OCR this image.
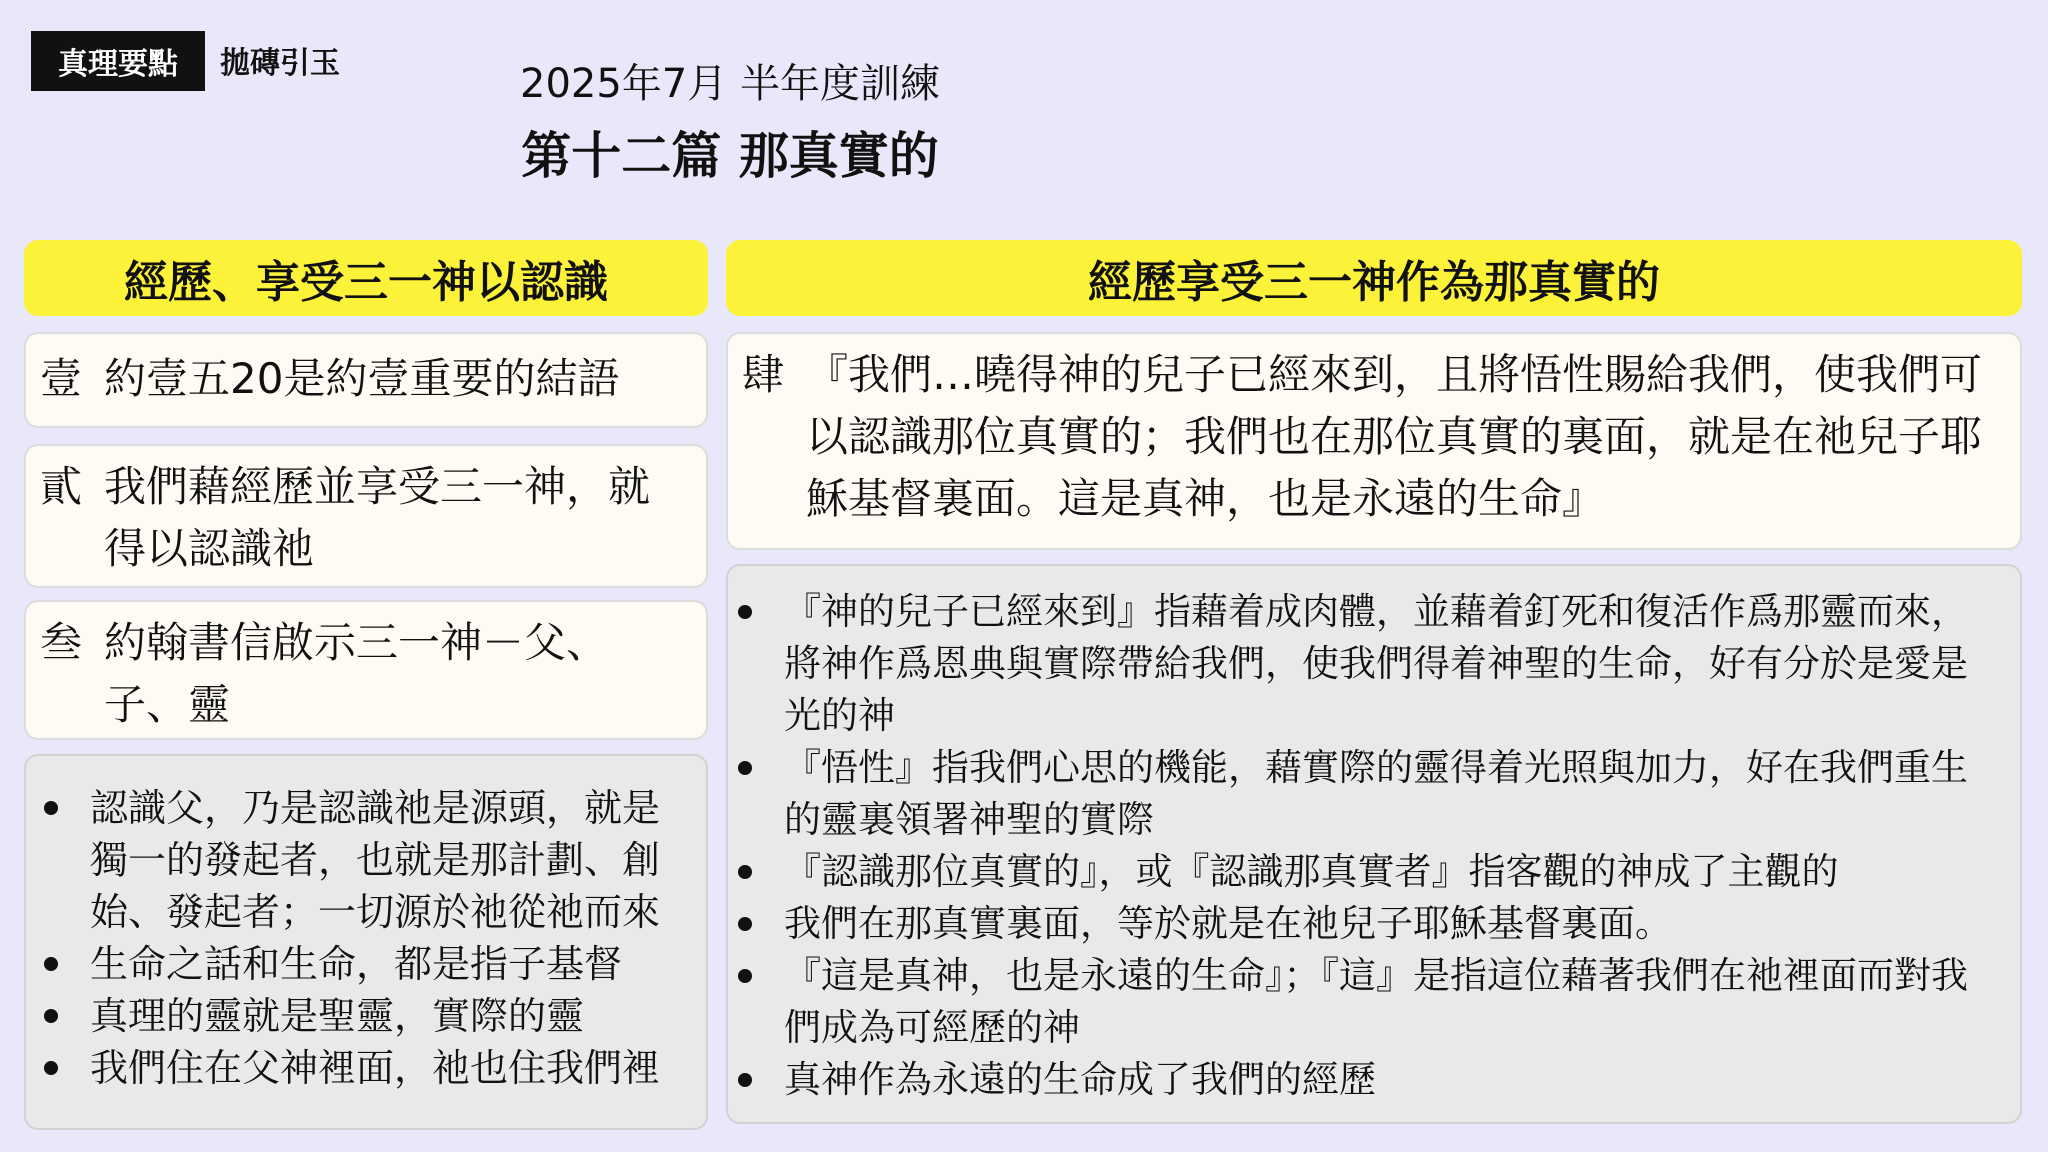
真理要點 拋磚引玉	2025年7月 半年度訓練
第十二篇 那真實的
經歷、享受三一神以認識
壹 約壹五20是約壹重要的結語
貳 我們藉經歷並享受三一神，就得以認識祂
叁 約翰書信啟示三一神－父、子、靈
認識父，乃是認識祂是源頭，就是獨一的發起者，也就是那計劃、創始、發起者；一切源於祂從祂而來
生命之話和生命，都是指子基督
真理的靈就是聖靈，實際的靈
我們住在父神裡面，祂也住我們裡
經歷享受三一神作為那真實的
肆 『我們…曉得神的兒子已經來到，且將悟性賜給我們，使我們可以認識那位真實的；我們也在那位真實的裏面，就是在祂兒子耶穌基督裏面。這是真神，也是永遠的生命』
『神的兒子已經來到』指藉着成肉體，並藉着釘死和復活作爲那靈而來，將神作爲恩典與實際帶給我們，使我們得着神聖的生命，好有分於是愛是光的神
『悟性』指我們心思的機能，藉實際的靈得着光照與加力，好在我們重生的靈裏領署神聖的實際
『認識那位真實的』，或『認識那真實者』指客觀的神成了主觀的
我們在那真實裏面，等於就是在祂兒子耶穌基督裏面。
『這是真神，也是永遠的生命』；『這』是指這位藉著我們在祂裡面而對我們成為可經歷的神
真神作為永遠的生命成了我們的經歷
